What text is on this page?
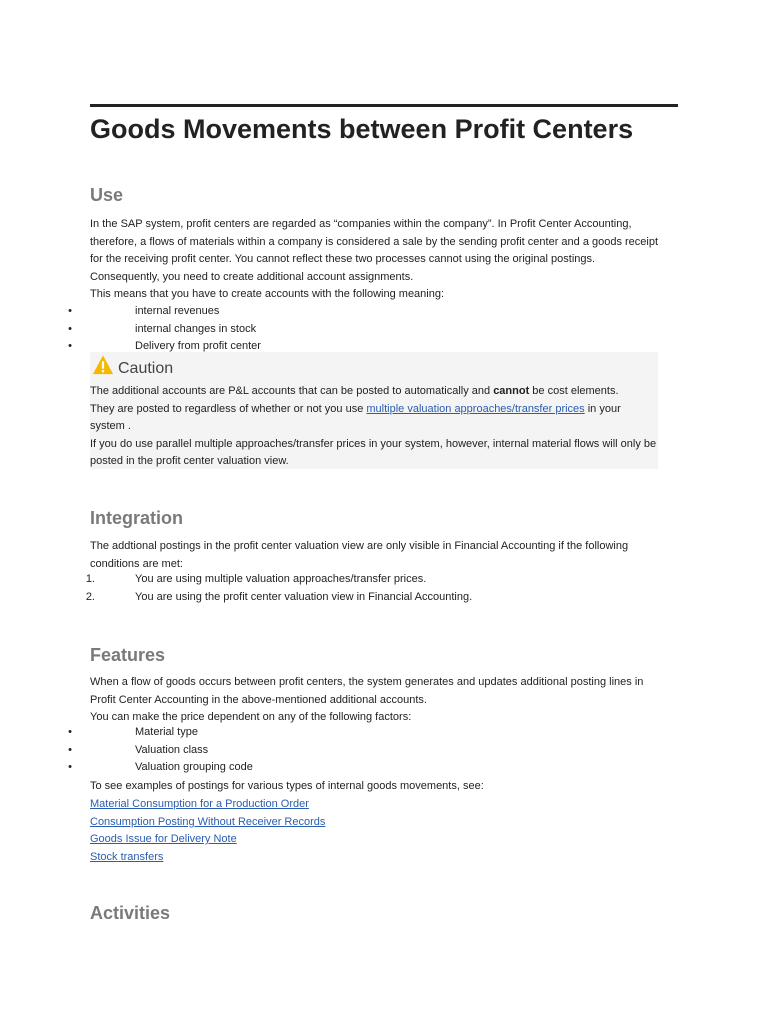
Goods Movements between Profit Centers
Use

In the SAP system, profit centers are regarded as “companies within the company”. In Profit Center Accounting, therefore, a flows of materials within a company is considered a sale by the sending profit center and a goods receipt for the receiving profit center. You cannot reflect these two processes cannot using the original postings. Consequently, you need to create additional account assignments.

This means that you have to create accounts with the following meaning:

•	internal revenues
•	internal changes in stock
•	Delivery from profit center
Caution

The additional accounts are P&L accounts that can be posted to automatically and cannot be cost elements.
They are posted to regardless of whether or not you use multiple valuation approaches/transfer prices in your system .
If you do use parallel multiple approaches/transfer prices in your system, however, internal material flows will only be posted in the profit center valuation view.

Integration

The addtional postings in the profit center valuation view are only visible in Financial Accounting if the following conditions are met:

1.	You are using multiple valuation approaches/transfer prices.
2.	You are using the profit center valuation view in Financial Accounting.
Features

When a flow of goods occurs between profit centers, the system generates and updates additional posting lines in Profit Center Accounting in the above-mentioned additional accounts.

You can make the price dependent on any of the following factors:

•	Material type
•	Valuation class
•	Valuation grouping code

To see examples of postings for various types of internal goods movements, see:

Material Consumption for a Production Order
Consumption Posting Without Receiver Records
Goods Issue for Delivery Note
Stock transfers
Activities
